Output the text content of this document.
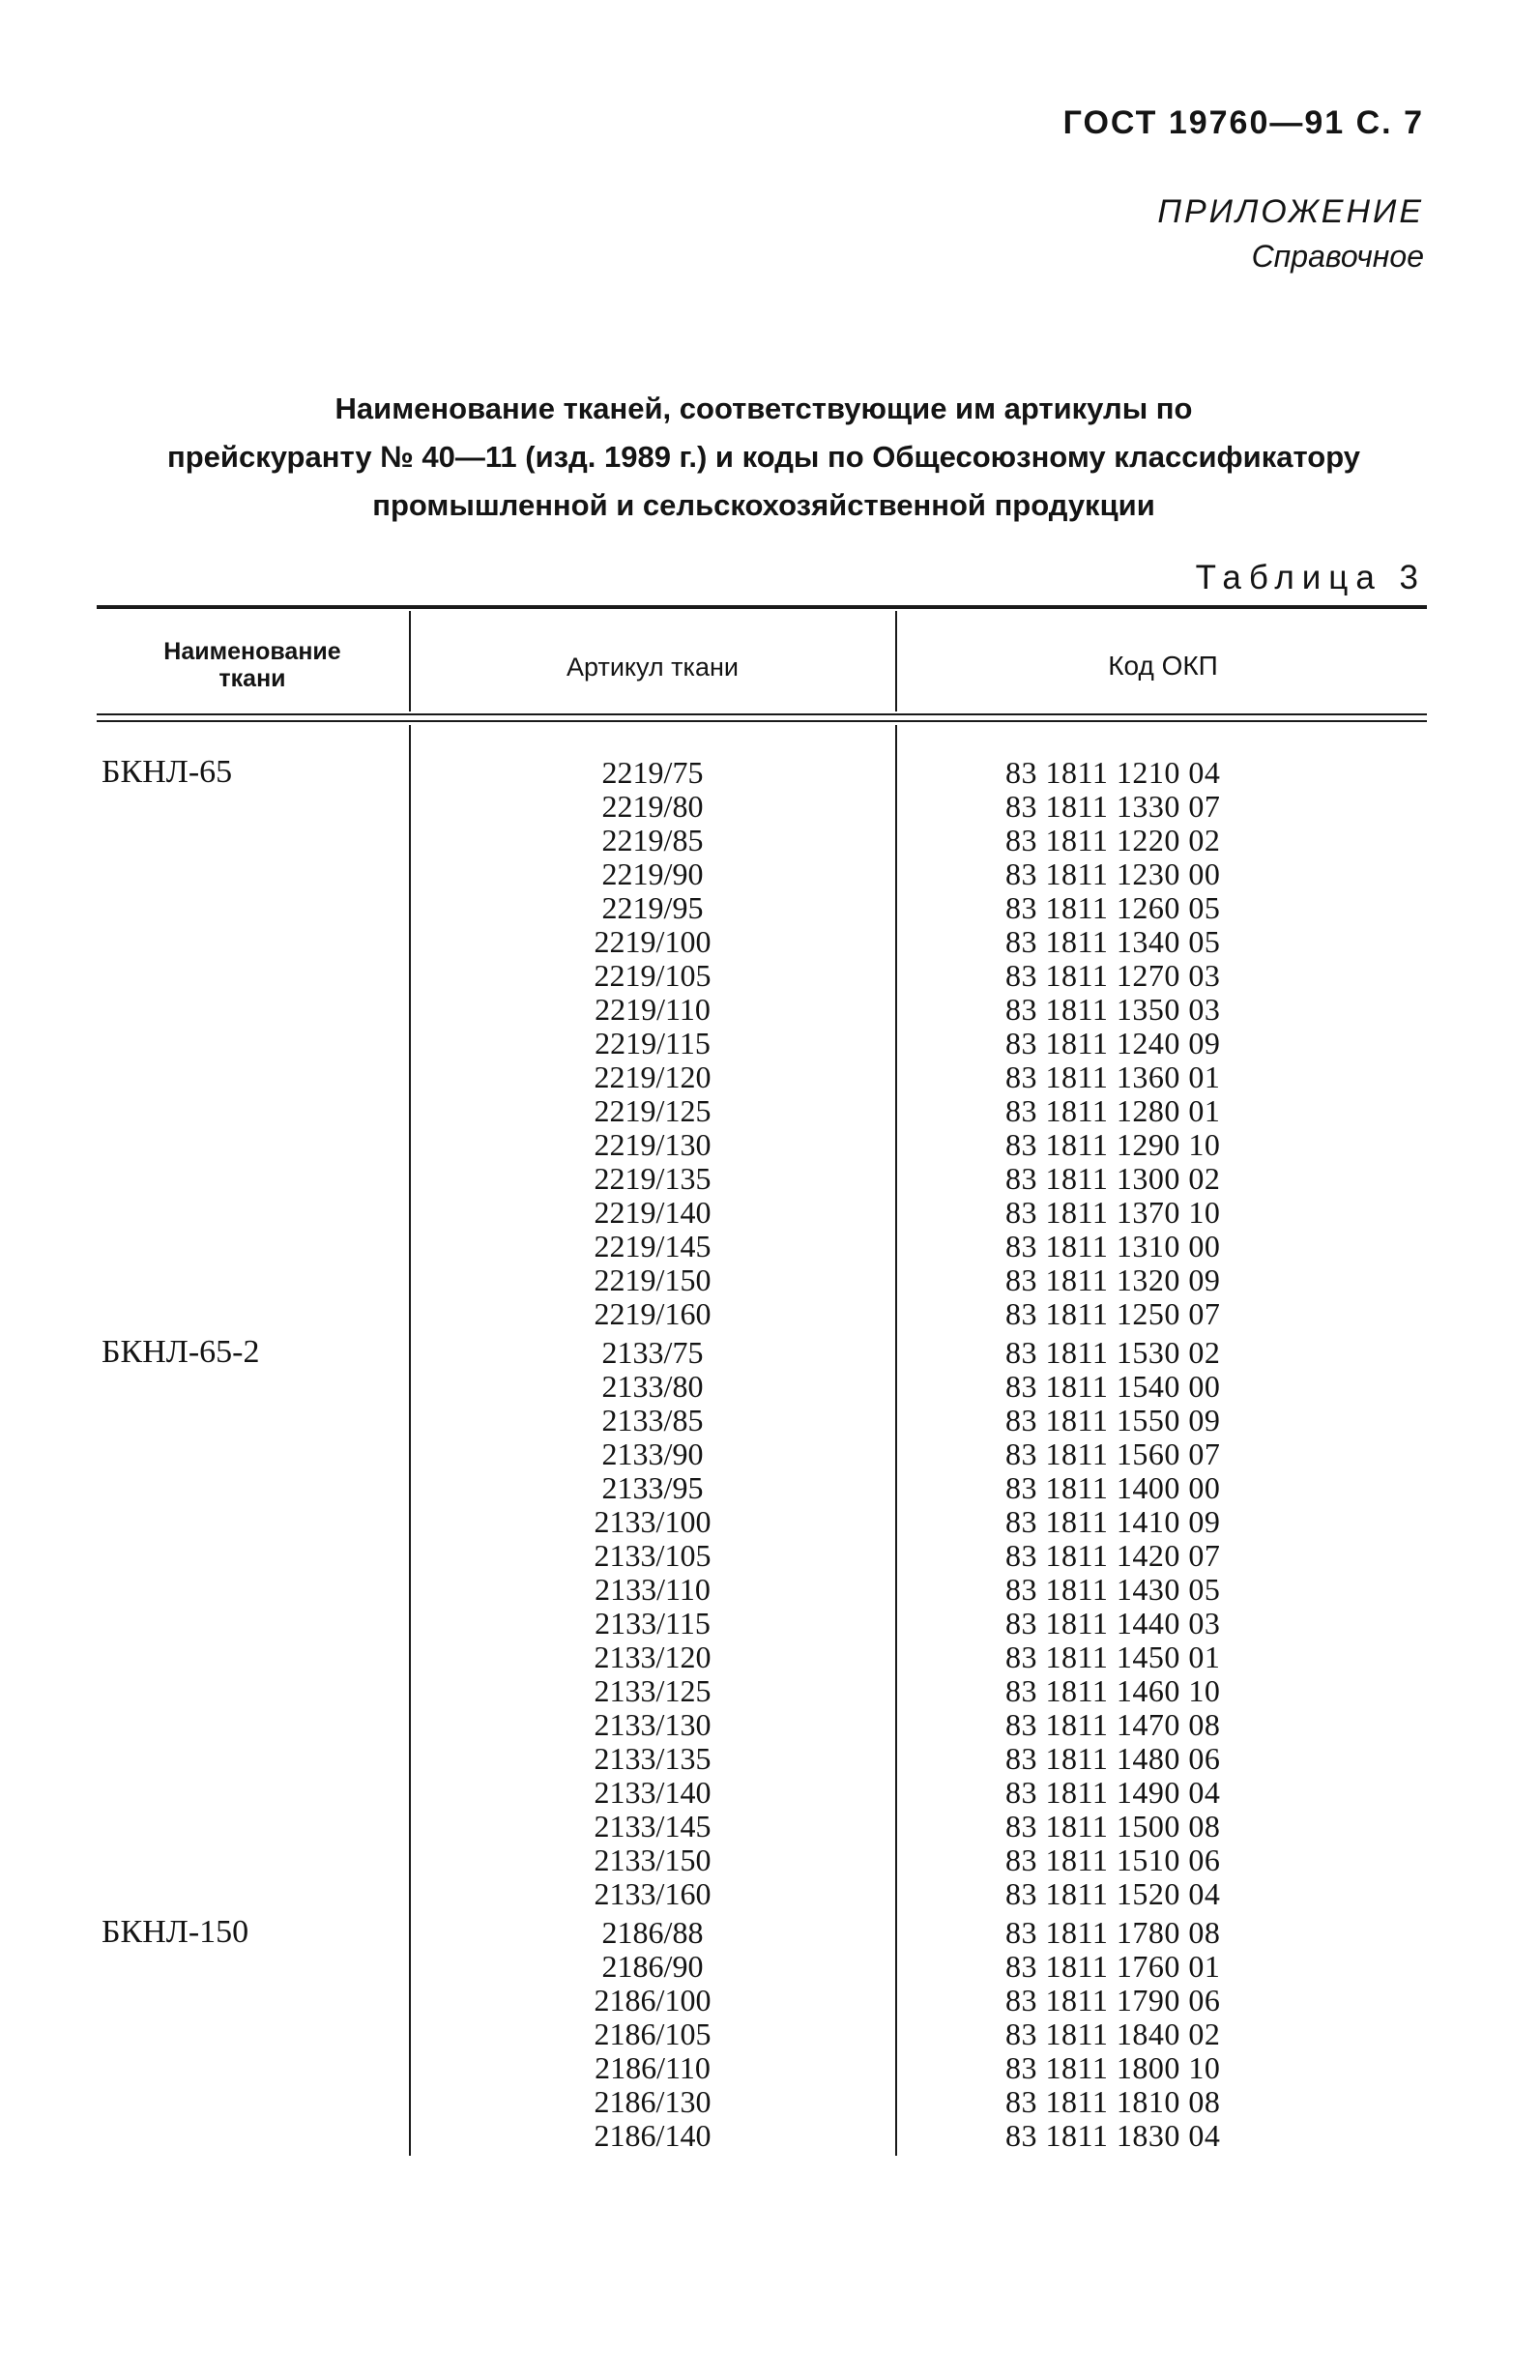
ГОСТ 19760—91 С. 7
ПРИЛОЖЕНИЕ
Справочное
Наименование тканей, соответствующие им артикулы по
прейскуранту № 40—11 (изд. 1989 г.) и коды по Общесоюзному классификатору
промышленной и сельскохозяйственной продукции
Таблица 3
Наименование
ткани	Артикул ткани	Код ОКП
БКНЛ-65	2219/75	83 1811 1210 04
2219/80	83 1811 1330 07
2219/85	83 1811 1220 02
2219/90	83 1811 1230 00
2219/95	83 1811 1260 05
2219/100	83 1811 1340 05
2219/105	83 1811 1270 03
2219/110	83 1811 1350 03
2219/115	83 1811 1240 09
2219/120	83 1811 1360 01
2219/125	83 1811 1280 01
2219/130	83 1811 1290 10
2219/135	83 1811 1300 02
2219/140	83 1811 1370 10
2219/145	83 1811 1310 00
2219/150	83 1811 1320 09
2219/160	83 1811 1250 07
БКНЛ-65-2	2133/75	83 1811 1530 02
2133/80	83 1811 1540 00
2133/85	83 1811 1550 09
2133/90	83 1811 1560 07
2133/95	83 1811 1400 00
2133/100	83 1811 1410 09
2133/105	83 1811 1420 07
2133/110	83 1811 1430 05
2133/115	83 1811 1440 03
2133/120	83 1811 1450 01
2133/125	83 1811 1460 10
2133/130	83 1811 1470 08
2133/135	83 1811 1480 06
2133/140	83 1811 1490 04
2133/145	83 1811 1500 08
2133/150	83 1811 1510 06
2133/160	83 1811 1520 04
БКНЛ-150	2186/88	83 1811 1780 08
2186/90	83 1811 1760 01
2186/100	83 1811 1790 06
2186/105	83 1811 1840 02
2186/110	83 1811 1800 10
2186/130	83 1811 1810 08
2186/140	83 1811 1830 04
